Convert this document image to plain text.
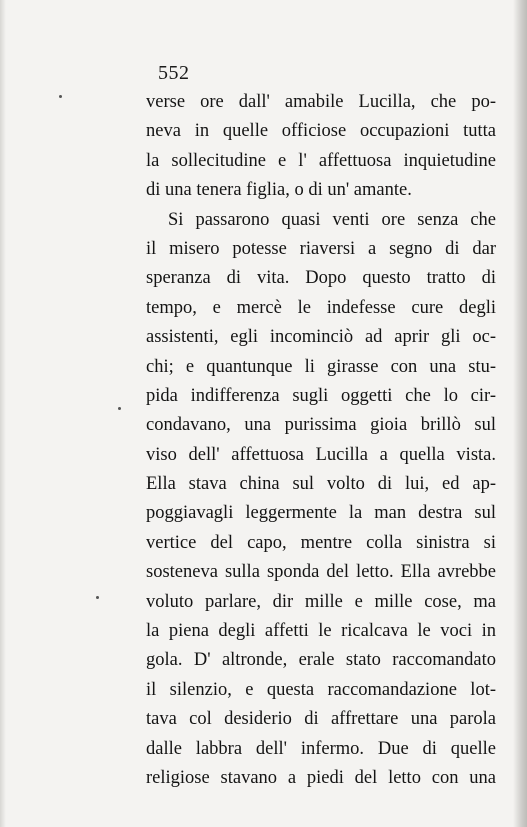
552
verse ore dall' amabile Lucilla, che po-
neva in quelle officiose occupazioni tutta
la sollecitudine e l' affettuosa inquietudine
di una tenera figlia, o di un' amante.
Si passarono quasi venti ore senza che
il misero potesse riaversi a segno di dar
speranza di vita. Dopo questo tratto di
tempo, e mercè le indefesse cure degli
assistenti, egli incominciò ad aprir gli oc-
chi; e quantunque li girasse con una stu-
pida indifferenza sugli oggetti che lo cir-
condavano, una purissima gioia brillò sul
viso dell' affettuosa Lucilla a quella vista.
Ella stava china sul volto di lui, ed ap-
poggiavagli leggermente la man destra sul
vertice del capo, mentre colla sinistra si
sosteneva sulla sponda del letto. Ella avrebbe
voluto parlare, dir mille e mille cose, ma
la piena degli affetti le ricalcava le voci in
gola. D' altronde, erale stato raccomandato
il silenzio, e questa raccomandazione lot-
tava col desiderio di affrettare una parola
dalle labbra dell' infermo. Due di quelle
religiose stavano a piedi del letto con una
